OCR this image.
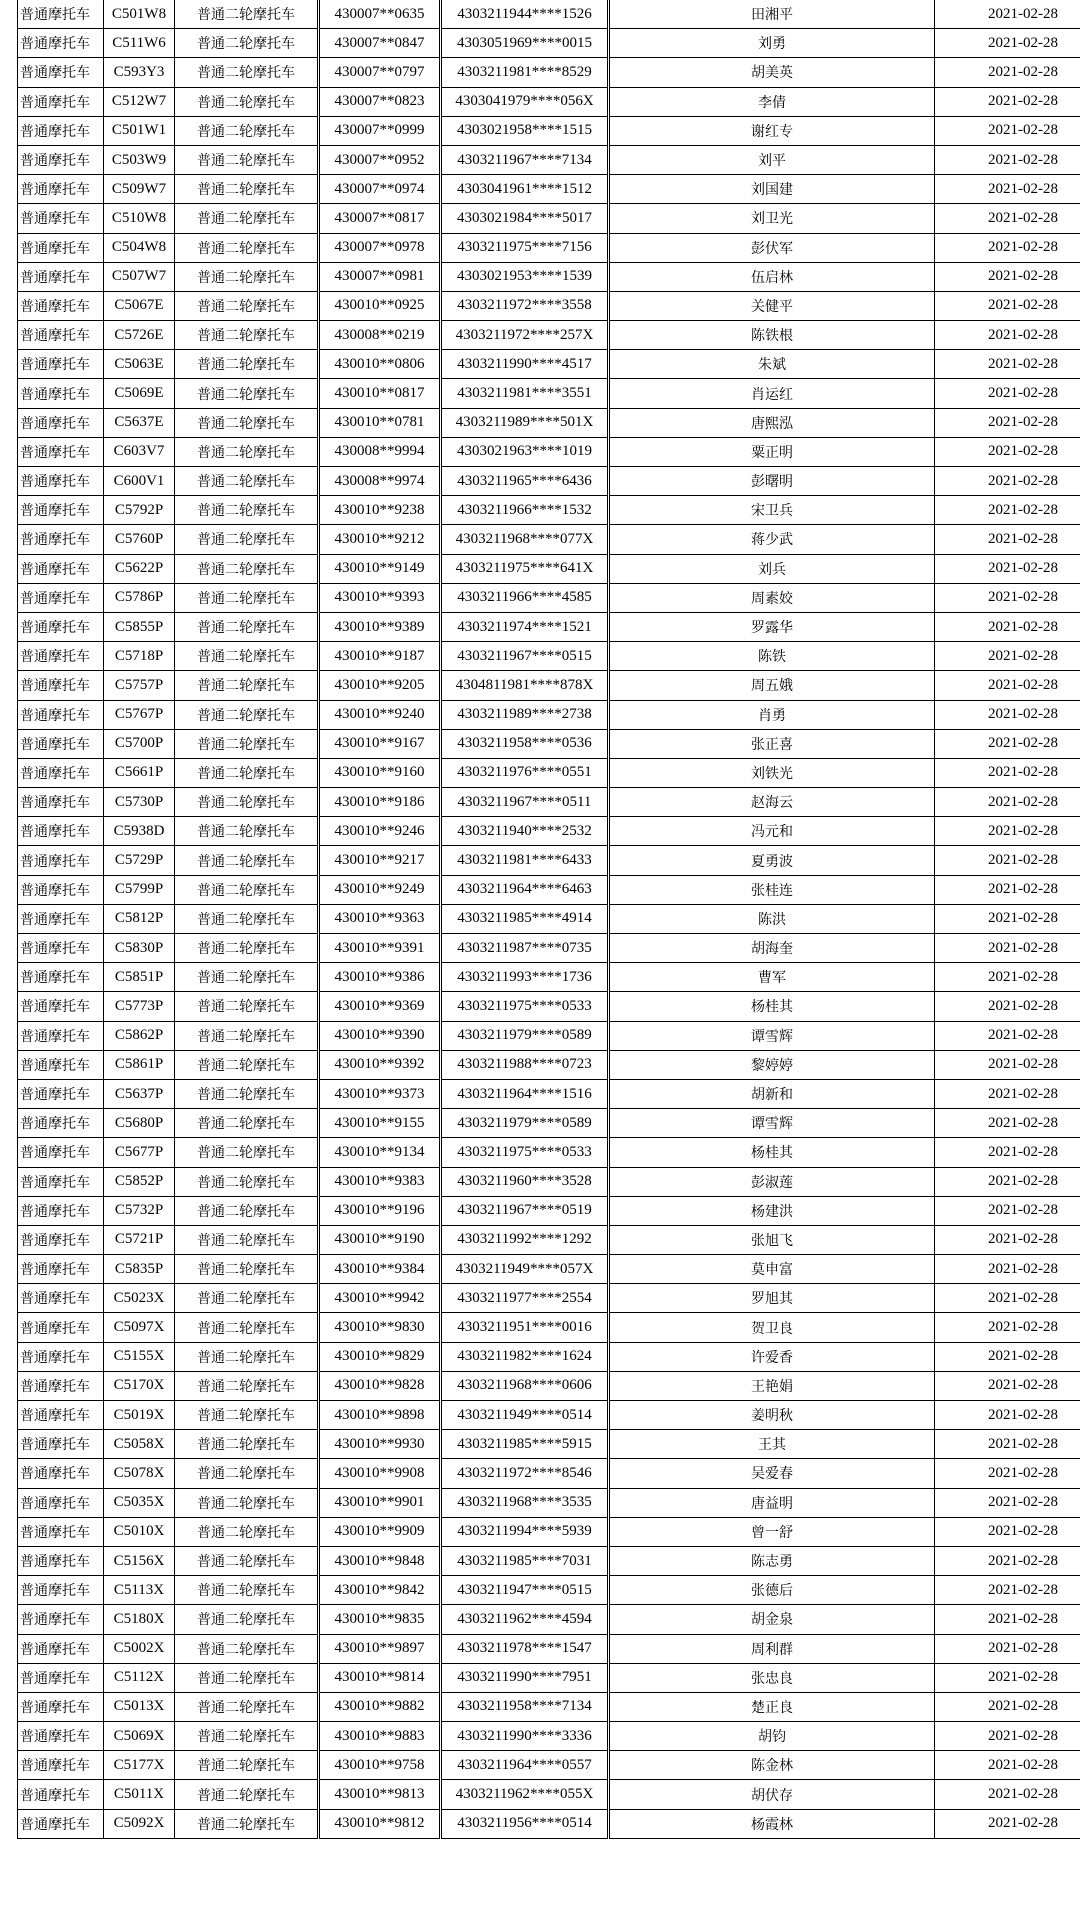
普通摩托车	C501W8	普通二轮摩托车	430007**0635	4303211944****1526	田湘平	2021-02-28
普通摩托车	C511W6	普通二轮摩托车	430007**0847	4303051969****0015	刘勇	2021-02-28
普通摩托车	C593Y3	普通二轮摩托车	430007**0797	4303211981****8529	胡美英	2021-02-28
普通摩托车	C512W7	普通二轮摩托车	430007**0823	4303041979****056X	李倩	2021-02-28
普通摩托车	C501W1	普通二轮摩托车	430007**0999	4303021958****1515	谢红专	2021-02-28
普通摩托车	C503W9	普通二轮摩托车	430007**0952	4303211967****7134	刘平	2021-02-28
普通摩托车	C509W7	普通二轮摩托车	430007**0974	4303041961****1512	刘国建	2021-02-28
普通摩托车	C510W8	普通二轮摩托车	430007**0817	4303021984****5017	刘卫光	2021-02-28
普通摩托车	C504W8	普通二轮摩托车	430007**0978	4303211975****7156	彭伏军	2021-02-28
普通摩托车	C507W7	普通二轮摩托车	430007**0981	4303021953****1539	伍启林	2021-02-28
普通摩托车	C5067E	普通二轮摩托车	430010**0925	4303211972****3558	关健平	2021-02-28
普通摩托车	C5726E	普通二轮摩托车	430008**0219	4303211972****257X	陈铁根	2021-02-28
普通摩托车	C5063E	普通二轮摩托车	430010**0806	4303211990****4517	朱斌	2021-02-28
普通摩托车	C5069E	普通二轮摩托车	430010**0817	4303211981****3551	肖运红	2021-02-28
普通摩托车	C5637E	普通二轮摩托车	430010**0781	4303211989****501X	唐熙泓	2021-02-28
普通摩托车	C603V7	普通二轮摩托车	430008**9994	4303021963****1019	粟正明	2021-02-28
普通摩托车	C600V1	普通二轮摩托车	430008**9974	4303211965****6436	彭曙明	2021-02-28
普通摩托车	C5792P	普通二轮摩托车	430010**9238	4303211966****1532	宋卫兵	2021-02-28
普通摩托车	C5760P	普通二轮摩托车	430010**9212	4303211968****077X	蒋少武	2021-02-28
普通摩托车	C5622P	普通二轮摩托车	430010**9149	4303211975****641X	刘兵	2021-02-28
普通摩托车	C5786P	普通二轮摩托车	430010**9393	4303211966****4585	周素姣	2021-02-28
普通摩托车	C5855P	普通二轮摩托车	430010**9389	4303211974****1521	罗露华	2021-02-28
普通摩托车	C5718P	普通二轮摩托车	430010**9187	4303211967****0515	陈铁	2021-02-28
普通摩托车	C5757P	普通二轮摩托车	430010**9205	4304811981****878X	周五娥	2021-02-28
普通摩托车	C5767P	普通二轮摩托车	430010**9240	4303211989****2738	肖勇	2021-02-28
普通摩托车	C5700P	普通二轮摩托车	430010**9167	4303211958****0536	张正喜	2021-02-28
普通摩托车	C5661P	普通二轮摩托车	430010**9160	4303211976****0551	刘铁光	2021-02-28
普通摩托车	C5730P	普通二轮摩托车	430010**9186	4303211967****0511	赵海云	2021-02-28
普通摩托车	C5938D	普通二轮摩托车	430010**9246	4303211940****2532	冯元和	2021-02-28
普通摩托车	C5729P	普通二轮摩托车	430010**9217	4303211981****6433	夏勇波	2021-02-28
普通摩托车	C5799P	普通二轮摩托车	430010**9249	4303211964****6463	张桂连	2021-02-28
普通摩托车	C5812P	普通二轮摩托车	430010**9363	4303211985****4914	陈洪	2021-02-28
普通摩托车	C5830P	普通二轮摩托车	430010**9391	4303211987****0735	胡海奎	2021-02-28
普通摩托车	C5851P	普通二轮摩托车	430010**9386	4303211993****1736	曹军	2021-02-28
普通摩托车	C5773P	普通二轮摩托车	430010**9369	4303211975****0533	杨桂其	2021-02-28
普通摩托车	C5862P	普通二轮摩托车	430010**9390	4303211979****0589	谭雪辉	2021-02-28
普通摩托车	C5861P	普通二轮摩托车	430010**9392	4303211988****0723	黎婷婷	2021-02-28
普通摩托车	C5637P	普通二轮摩托车	430010**9373	4303211964****1516	胡新和	2021-02-28
普通摩托车	C5680P	普通二轮摩托车	430010**9155	4303211979****0589	谭雪辉	2021-02-28
普通摩托车	C5677P	普通二轮摩托车	430010**9134	4303211975****0533	杨桂其	2021-02-28
普通摩托车	C5852P	普通二轮摩托车	430010**9383	4303211960****3528	彭淑莲	2021-02-28
普通摩托车	C5732P	普通二轮摩托车	430010**9196	4303211967****0519	杨建洪	2021-02-28
普通摩托车	C5721P	普通二轮摩托车	430010**9190	4303211992****1292	张旭飞	2021-02-28
普通摩托车	C5835P	普通二轮摩托车	430010**9384	4303211949****057X	莫申富	2021-02-28
普通摩托车	C5023X	普通二轮摩托车	430010**9942	4303211977****2554	罗旭其	2021-02-28
普通摩托车	C5097X	普通二轮摩托车	430010**9830	4303211951****0016	贺卫良	2021-02-28
普通摩托车	C5155X	普通二轮摩托车	430010**9829	4303211982****1624	许爱香	2021-02-28
普通摩托车	C5170X	普通二轮摩托车	430010**9828	4303211968****0606	王艳娟	2021-02-28
普通摩托车	C5019X	普通二轮摩托车	430010**9898	4303211949****0514	姜明秋	2021-02-28
普通摩托车	C5058X	普通二轮摩托车	430010**9930	4303211985****5915	王其	2021-02-28
普通摩托车	C5078X	普通二轮摩托车	430010**9908	4303211972****8546	吴爱春	2021-02-28
普通摩托车	C5035X	普通二轮摩托车	430010**9901	4303211968****3535	唐益明	2021-02-28
普通摩托车	C5010X	普通二轮摩托车	430010**9909	4303211994****5939	曾一舒	2021-02-28
普通摩托车	C5156X	普通二轮摩托车	430010**9848	4303211985****7031	陈志勇	2021-02-28
普通摩托车	C5113X	普通二轮摩托车	430010**9842	4303211947****0515	张德后	2021-02-28
普通摩托车	C5180X	普通二轮摩托车	430010**9835	4303211962****4594	胡金泉	2021-02-28
普通摩托车	C5002X	普通二轮摩托车	430010**9897	4303211978****1547	周利群	2021-02-28
普通摩托车	C5112X	普通二轮摩托车	430010**9814	4303211990****7951	张忠良	2021-02-28
普通摩托车	C5013X	普通二轮摩托车	430010**9882	4303211958****7134	楚正良	2021-02-28
普通摩托车	C5069X	普通二轮摩托车	430010**9883	4303211990****3336	胡钧	2021-02-28
普通摩托车	C5177X	普通二轮摩托车	430010**9758	4303211964****0557	陈金林	2021-02-28
普通摩托车	C5011X	普通二轮摩托车	430010**9813	4303211962****055X	胡伏存	2021-02-28
普通摩托车	C5092X	普通二轮摩托车	430010**9812	4303211956****0514	杨霞林	2021-02-28
